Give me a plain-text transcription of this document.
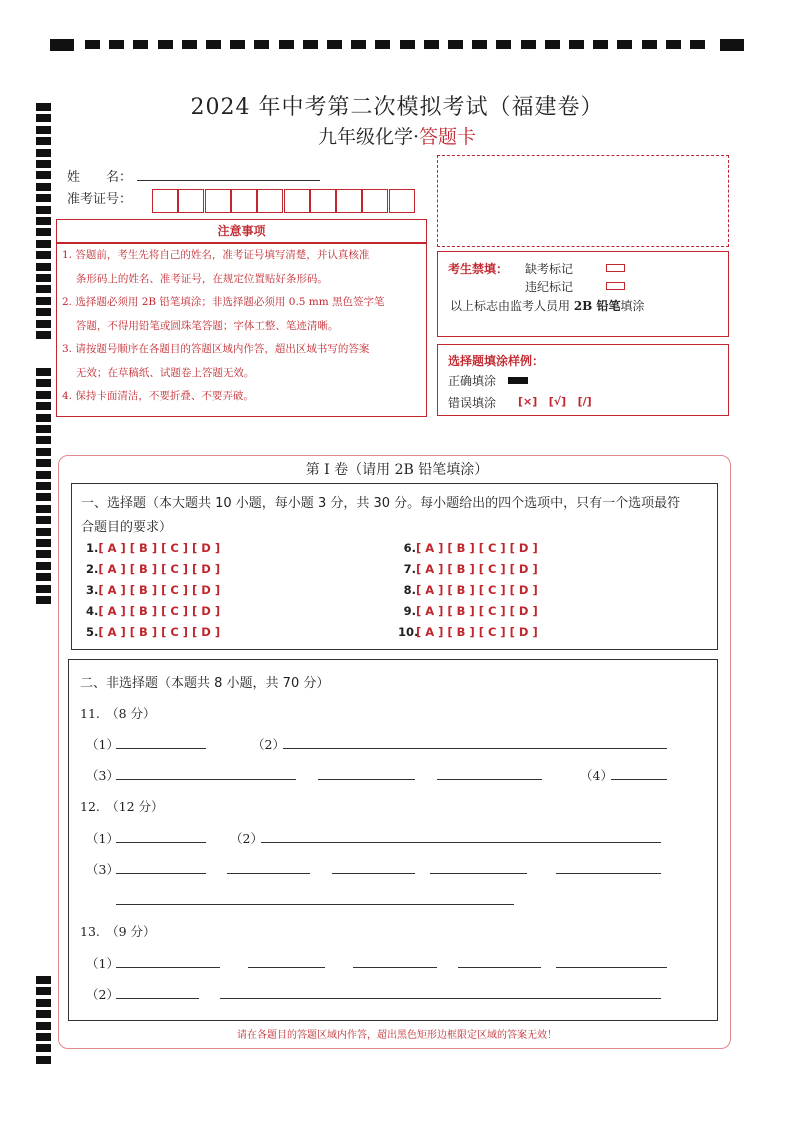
2024 年中考第二次模拟考试（福建卷）
九年级化学·答题卡
姓　　名：
准考证号：
注意事项
1. 答题前，考生先将自己的姓名，准考证号填写清楚，并认真核准
　 条形码上的姓名、准考证号，在规定位置贴好条形码。
2. 选择题必须用 2B 铅笔填涂；非选择题必须用 0.5 mm 黑色签字笔
　 答题，不得用铅笔或圆珠笔答题；字体工整、笔迹清晰。
3. 请按题号顺序在各题目的答题区域内作答，超出区域书写的答案
　 无效；在草稿纸、试题卷上答题无效。
4. 保持卡面清洁，不要折叠、不要弄破。
考生禁填： 缺考标记
违纪标记
以上标志由监考人员用 2B 铅笔填涂
选择题填涂样例：
正确填涂
错误填涂 [×]   [√]   [/]
第 I 卷（请用 2B 铅笔填涂）
一、选择题（本大题共 10 小题，每小题 3 分，共 30 分。每小题给出的四个选项中，只有一个选项最符
合题目的要求）
1.[ A ] [ B ] [ C ] [ D ]
2.[ A ] [ B ] [ C ] [ D ]
3.[ A ] [ B ] [ C ] [ D ]
4.[ A ] [ B ] [ C ] [ D ]
5.[ A ] [ B ] [ C ] [ D ]
6.[ A ] [ B ] [ C ] [ D ]
7.[ A ] [ B ] [ C ] [ D ]
8.[ A ] [ B ] [ C ] [ D ]
9.[ A ] [ B ] [ C ] [ D ]
10.[ A ] [ B ] [ C ] [ D ]
二、非选择题（本题共 8 小题，共 70 分）
11.　（8 分）
（1）	（2）
（3）	（4）
12.　（12 分）
（1）	（2）
（3）
13.　（9 分）
（1）
（2）
请在各题目的答题区域内作答，超出黑色矩形边框限定区域的答案无效！
